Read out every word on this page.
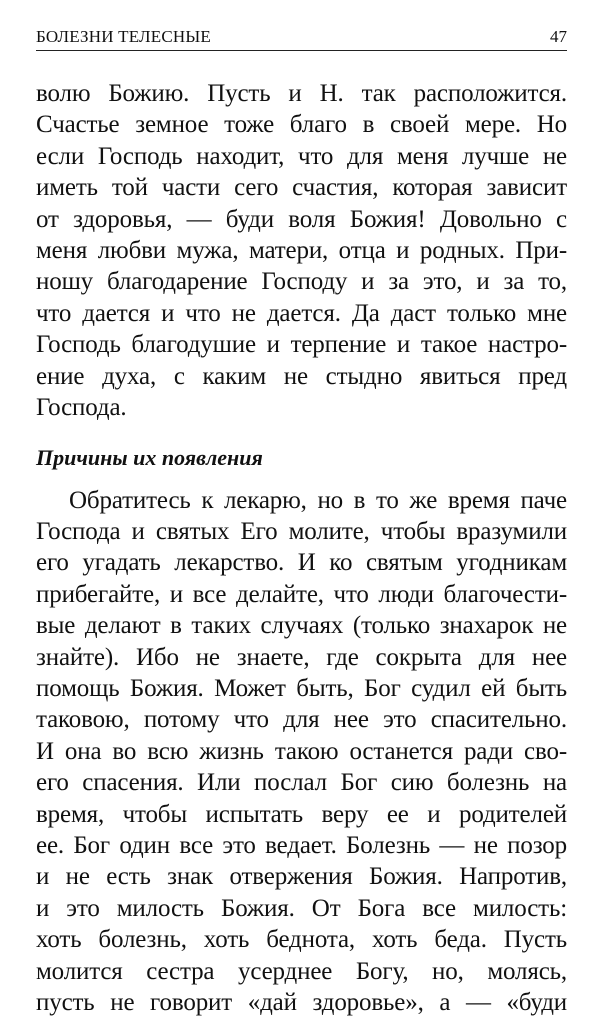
БОЛЕЗНИ ТЕЛЕСНЫЕ	47
волю Божию. Пусть и Н. так расположится.
Счастье земное тоже благо в своей мере. Но
если Господь находит, что для меня лучше не
иметь той части сего счастия, которая зависит
от здоровья, — буди воля Божия! Довольно с
меня любви мужа, матери, отца и родных. При-
ношу благодарение Господу и за это, и за то,
что дается и что не дается. Да даст только мне
Господь благодушие и терпение и такое настро-
ение духа, с каким не стыдно явиться пред
Господа.
Причины их появления
Обратитесь к лекарю, но в то же время паче
Господа и святых Его молите, чтобы вразумили
его угадать лекарство. И ко святым угодникам
прибегайте, и все делайте, что люди благочести-
вые делают в таких случаях (только знахарок не
знайте). Ибо не знаете, где сокрыта для нее
помощь Божия. Может быть, Бог судил ей быть
таковою, потому что для нее это спасительно.
И она во всю жизнь такою останется ради сво-
его спасения. Или послал Бог сию болезнь на
время, чтобы испытать веру ее и родителей
ее. Бог один все это ведает. Болезнь — не позор
и не есть знак отвержения Божия. Напротив,
и это милость Божия. От Бога все милость:
хоть болезнь, хоть беднота, хоть беда. Пусть
молится сестра усерднее Богу, но, молясь,
пусть не говорит «дай здоровье», а — «буди
